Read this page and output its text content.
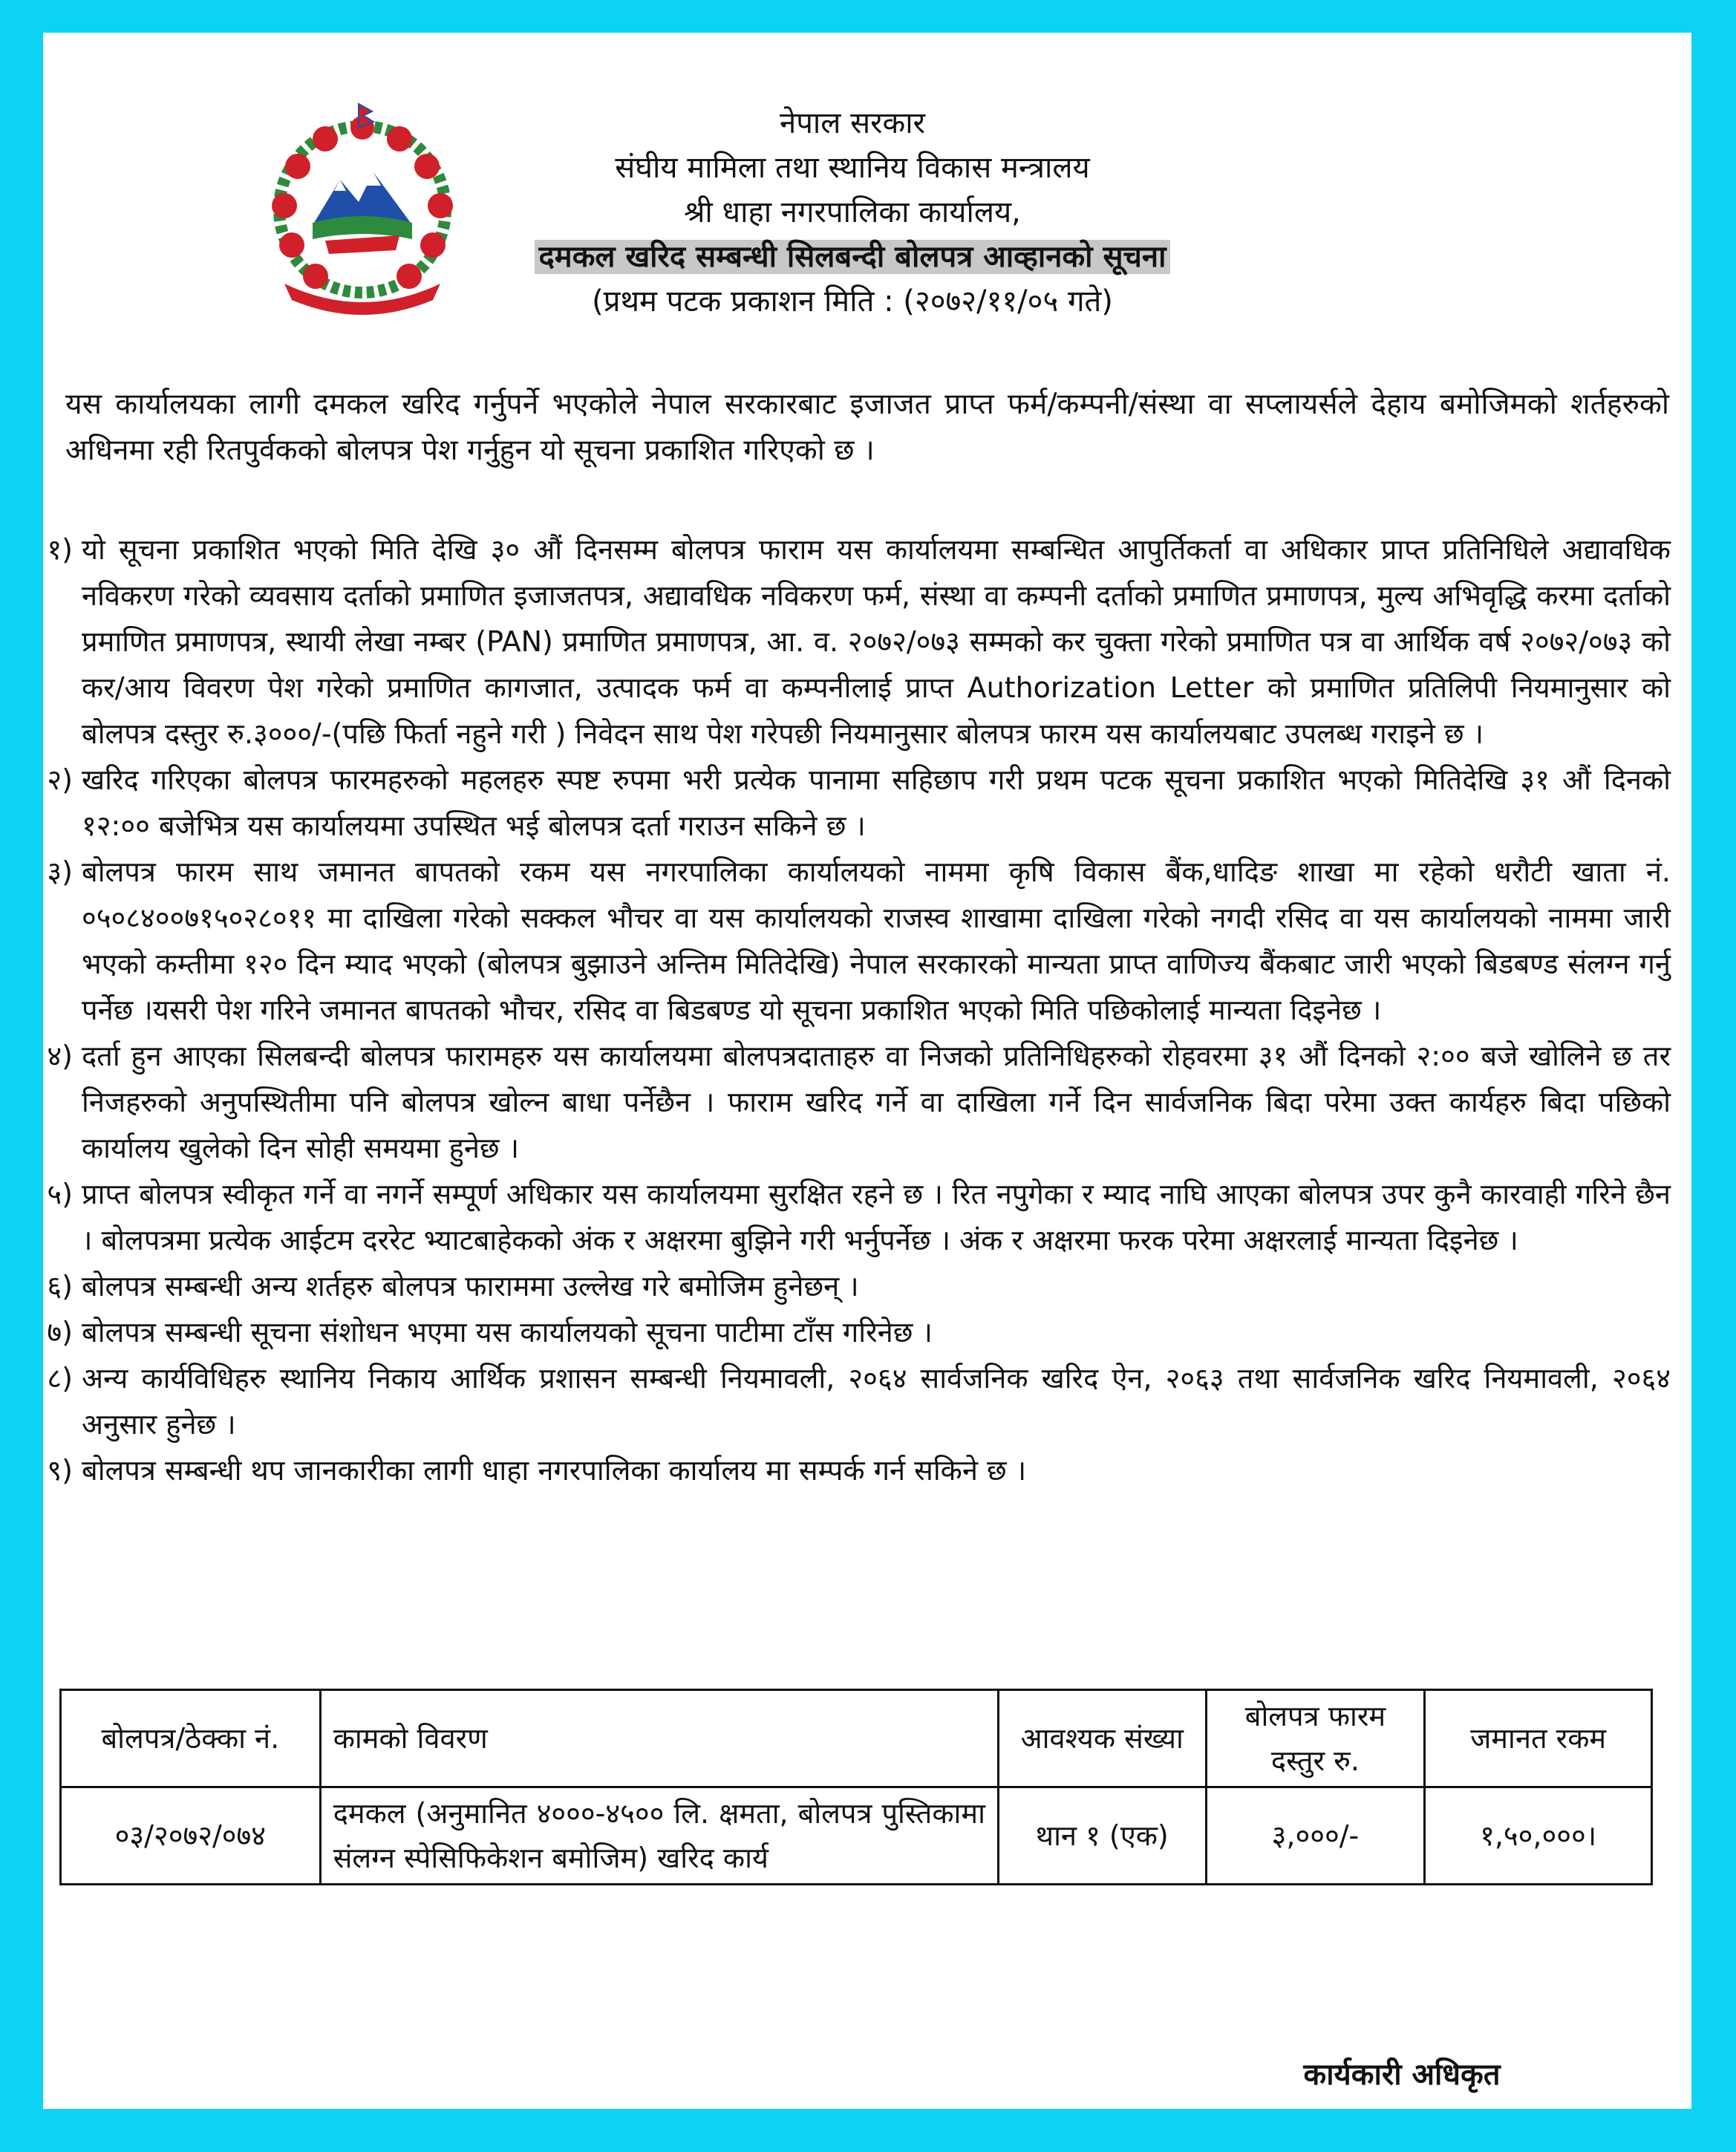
नेपाल सरकार
संघीय मामिला तथा स्थानिय विकास मन्त्रालय
श्री धाहा नगरपालिका कार्यालय,
दमकल खरिद सम्बन्धी सिलबन्दी बोलपत्र आव्हानको सूचना
(प्रथम पटक प्रकाशन मिति : (२०७२/११/०५ गते)
यस कार्यालयका लागी दमकल खरिद गर्नुपर्ने भएकोले नेपाल सरकारबाट इजाजत प्राप्त फर्म/कम्पनी/संस्था वा सप्लायर्सले देहाय बमोजिमको शर्तहरुको अधिनमा रही रितपुर्वकको बोलपत्र पेश गर्नुहुन यो सूचना प्रकाशित गरिएको छ ।
१) यो सूचना प्रकाशित भएको मिति देखि ३० औं दिनसम्म बोलपत्र फाराम यस कार्यालयमा सम्बन्धित आपुर्तिकर्ता वा अधिकार प्राप्त प्रतिनिधिले अद्यावधिक नविकरण गरेको व्यवसाय दर्ताको प्रमाणित इजाजतपत्र, अद्यावधिक नविकरण फर्म, संस्था वा कम्पनी दर्ताको प्रमाणित प्रमाणपत्र, मुल्य अभिवृद्धि करमा दर्ताको प्रमाणित प्रमाणपत्र, स्थायी लेखा नम्बर (PAN) प्रमाणित प्रमाणपत्र, आ. व. २०७२/०७३ सम्मको कर चुक्ता गरेको प्रमाणित पत्र वा आर्थिक वर्ष २०७२/०७३ को कर/आय विवरण पेश गरेको प्रमाणित कागजात, उत्पादक फर्म वा कम्पनीलाई प्राप्त Authorization Letter को प्रमाणित प्रतिलिपी नियमानुसार को बोलपत्र दस्तुर रु.३०००/-(पछि फिर्ता नहुने गरी ) निवेदन साथ पेश गरेपछी नियमानुसार बोलपत्र फारम यस कार्यालयबाट उपलब्ध गराइने छ ।
२) खरिद गरिएका बोलपत्र फारमहरुको महलहरु स्पष्ट रुपमा भरी प्रत्येक पानामा सहिछाप गरी प्रथम पटक सूचना प्रकाशित भएको मितिदेखि ३१ औं दिनको १२:०० बजेभित्र यस कार्यालयमा उपस्थित भई बोलपत्र दर्ता गराउन सकिने छ ।
३) बोलपत्र फारम साथ जमानत बापतको रकम यस नगरपालिका कार्यालयको नाममा कृषि विकास बैंक,धादिङ शाखा मा रहेको धरौटी खाता नं. ०५०८४००७१५०२८०११ मा दाखिला गरेको सक्कल भौचर वा यस कार्यालयको राजस्व शाखामा दाखिला गरेको नगदी रसिद वा यस कार्यालयको नाममा जारी भएको कम्तीमा १२० दिन म्याद भएको (बोलपत्र बुझाउने अन्तिम मितिदेखि) नेपाल सरकारको मान्यता प्राप्त वाणिज्य बैंकबाट जारी भएको बिडबण्ड संलग्न गर्नु पर्नेछ ।यसरी पेश गरिने जमानत बापतको भौचर, रसिद वा बिडबण्ड यो सूचना प्रकाशित भएको मिति पछिकोलाई मान्यता दिइनेछ ।
४) दर्ता हुन आएका सिलबन्दी बोलपत्र फारामहरु यस कार्यालयमा बोलपत्रदाताहरु वा निजको प्रतिनिधिहरुको रोहवरमा ३१ औं दिनको २:०० बजे खोलिने छ तर निजहरुको अनुपस्थितीमा पनि बोलपत्र खोल्न बाधा पर्नेछैन । फाराम खरिद गर्ने वा दाखिला गर्ने दिन सार्वजनिक बिदा परेमा उक्त कार्यहरु बिदा पछिको कार्यालय खुलेको दिन सोही समयमा हुनेछ ।
५) प्राप्त बोलपत्र स्वीकृत गर्ने वा नगर्ने सम्पूर्ण अधिकार यस कार्यालयमा सुरक्षित रहने छ । रित नपुगेका र म्याद नाघि आएका बोलपत्र उपर कुनै कारवाही गरिने छैन । बोलपत्रमा प्रत्येक आईटम दररेट भ्याटबाहेकको अंक र अक्षरमा बुझिने गरी भर्नुपर्नेछ । अंक र अक्षरमा फरक परेमा अक्षरलाई मान्यता दिइनेछ ।
६) बोलपत्र सम्बन्धी अन्य शर्तहरु बोलपत्र फाराममा उल्लेख गरे बमोजिम हुनेछन् ।
७) बोलपत्र सम्बन्धी सूचना संशोधन भएमा यस कार्यालयको सूचना पाटीमा टाँस गरिनेछ ।
८) अन्य कार्यविधिहरु स्थानिय निकाय आर्थिक प्रशासन सम्बन्धी नियमावली, २०६४ सार्वजनिक खरिद ऐन, २०६३ तथा सार्वजनिक खरिद नियमावली, २०६४ अनुसार हुनेछ ।
९) बोलपत्र सम्बन्धी थप जानकारीका लागी धाहा नगरपालिका कार्यालय मा सम्पर्क गर्न सकिने छ ।
बोलपत्र/ठेक्का नं.	कामको विवरण	आवश्यक संख्या	बोलपत्र फारम दस्तुर रु.	जमानत रकम
०३/२०७२/०७४	दमकल (अनुमानित ४०००-४५०० लि. क्षमता, बोलपत्र पुस्तिकामा संलग्न स्पेसिफिकेशन बमोजिम) खरिद कार्य	थान १ (एक)	३,०००/-	१,५०,०००।
कार्यकारी अधिकृत
